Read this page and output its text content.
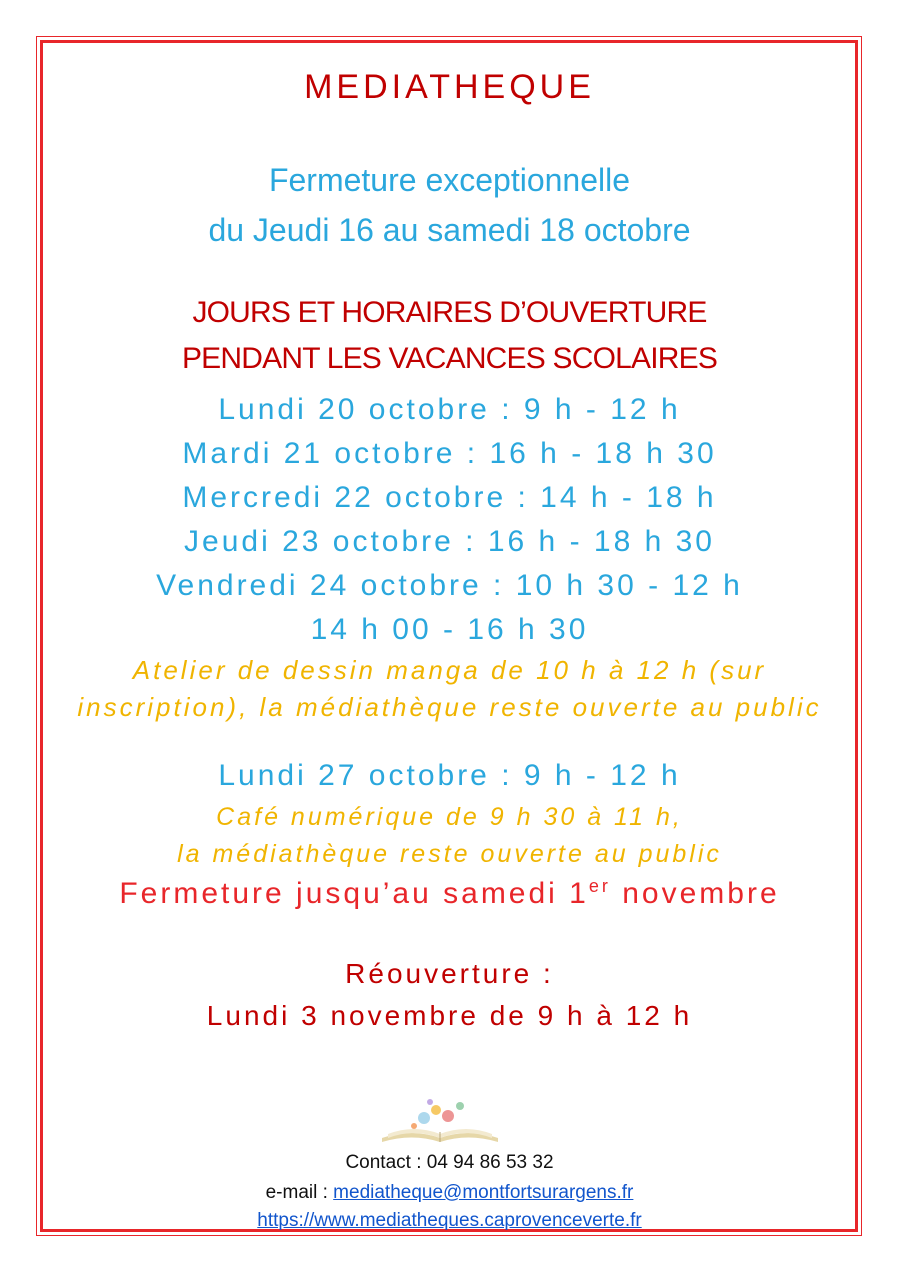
MEDIATHEQUE
Fermeture exceptionnelle
du Jeudi 16 au samedi 18 octobre
JOURS ET HORAIRES D’OUVERTURE
PENDANT LES VACANCES SCOLAIRES
Lundi 20 octobre : 9 h - 12 h
Mardi 21 octobre : 16 h - 18 h 30
Mercredi 22 octobre : 14 h - 18 h
Jeudi 23 octobre : 16 h - 18 h 30
Vendredi 24 octobre : 10 h 30 - 12 h
14 h 00 - 16 h 30
Atelier de dessin manga de 10 h à 12 h (sur
inscription), la médiathèque reste ouverte au public
Lundi 27 octobre : 9 h - 12 h
Café numérique de 9 h 30 à 11 h,
la médiathèque reste ouverte au public
Fermeture jusqu’au samedi 1er novembre
Réouverture :
Lundi 3 novembre de 9 h à 12 h
Contact : 04 94 86 53 32
e-mail : mediatheque@montfortsurargens.fr
https://www.mediatheques.caprovenceverte.fr
